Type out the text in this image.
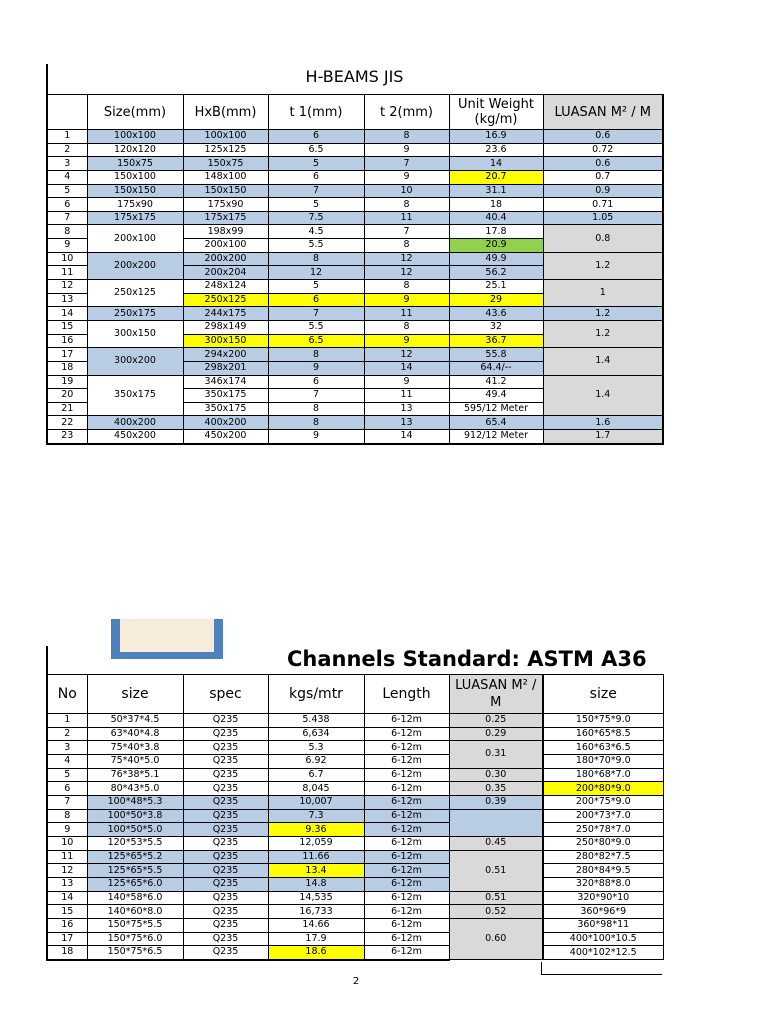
H-BEAMS JIS
	Size(mm)	HxB(mm)	t 1(mm)	t 2(mm)	Unit Weight (kg/m)	LUASAN M² / M
1	100x100	100x100	6	8	16.9	0.6
2	120x120	125x125	6.5	9	23.6	0.72
3	150x75	150x75	5	7	14	0.6
4	150x100	148x100	6	9	20.7	0.7
5	150x150	150x150	7	10	31.1	0.9
6	175x90	175x90	5	8	18	0.71
7	175x175	175x175	7.5	11	40.4	1.05
8	200x100	198x99	4.5	7	17.8	0.8
9		200x100	5.5	8	20.9	
10	200x200	200x200	8	12	49.9	1.2
11		200x204	12	12	56.2	
12	250x125	248x124	5	8	25.1	1
13		250x125	6	9	29	
14	250x175	244x175	7	11	43.6	1.2
15	300x150	298x149	5.5	8	32	1.2
16		300x150	6.5	9	36.7	
17	300x200	294x200	8	12	55.8	1.4
18		298x201	9	14	64.4/--	
19	350x175	346x174	6	9	41.2	1.4
20		350x175	7	11	49.4	
21		350x175	8	13	595/12 Meter	
22	400x200	400x200	8	13	65.4	1.6
23	450x200	450x200	9	14	912/12 Meter	1.7
Channels Standard: ASTM A36
No	size	spec	kgs/mtr	Length	LUASAN M² / M	size
1	50*37*4.5	Q235	5.438	6-12m	0.25	150*75*9.0
2	63*40*4.8	Q235	6,634	6-12m	0.29	160*65*8.5
3	75*40*3.8	Q235	5.3	6-12m	0.31	160*63*6.5
4	75*40*5.0	Q235	6.92	6-12m		180*70*9.0
5	76*38*5.1	Q235	6.7	6-12m	0.30	180*68*7.0
6	80*43*5.0	Q235	8,045	6-12m	0.35	200*80*9.0
7	100*48*5.3	Q235	10,007	6-12m	0.39	200*75*9.0
8	100*50*3.8	Q235	7.3	6-12m		200*73*7.0
9	100*50*5.0	Q235	9.36	6-12m		250*78*7.0
10	120*53*5.5	Q235	12,059	6-12m	0.45	250*80*9.0
11	125*65*5.2	Q235	11.66	6-12m	0.51	280*82*7.5
12	125*65*5.5	Q235	13.4	6-12m		280*84*9.5
13	125*65*6.0	Q235	14.8	6-12m		320*88*8.0
14	140*58*6.0	Q235	14,535	6-12m	0.51	320*90*10
15	140*60*8.0	Q235	16,733	6-12m	0.52	360*96*9
16	150*75*5.5	Q235	14.66	6-12m	0.60	360*98*11
17	150*75*6.0	Q235	17.9	6-12m		400*100*10.5
18	150*75*6.5	Q235	18.6	6-12m		400*102*12.5
2
